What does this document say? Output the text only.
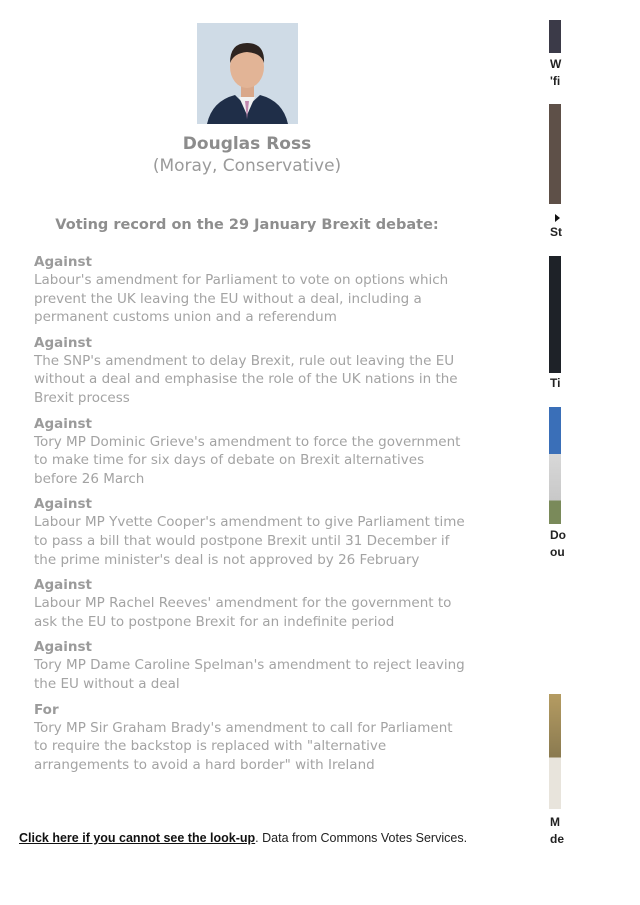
Douglas Ross
(Moray, Conservative)
Voting record on the 29 January Brexit debate:
Against
Labour's amendment for Parliament to vote on options which prevent the UK leaving the EU without a deal, including a permanent customs union and a referendum
Against
The SNP's amendment to delay Brexit, rule out leaving the EU without a deal and emphasise the role of the UK nations in the Brexit process
Against
Tory MP Dominic Grieve's amendment to force the government to make time for six days of debate on Brexit alternatives before 26 March
Against
Labour MP Yvette Cooper's amendment to give Parliament time to pass a bill that would postpone Brexit until 31 December if the prime minister's deal is not approved by 26 February
Against
Labour MP Rachel Reeves' amendment for the government to ask the EU to postpone Brexit for an indefinite period
Against
Tory MP Dame Caroline Spelman's amendment to reject leaving the EU without a deal
For
Tory MP Sir Graham Brady's amendment to call for Parliament to require the backstop is replaced with "alternative arrangements to avoid a hard border" with Ireland
Click here if you cannot see the look-up. Data from Commons Votes Services.
W
'fi
St
Ti
Do
ou
M
de
